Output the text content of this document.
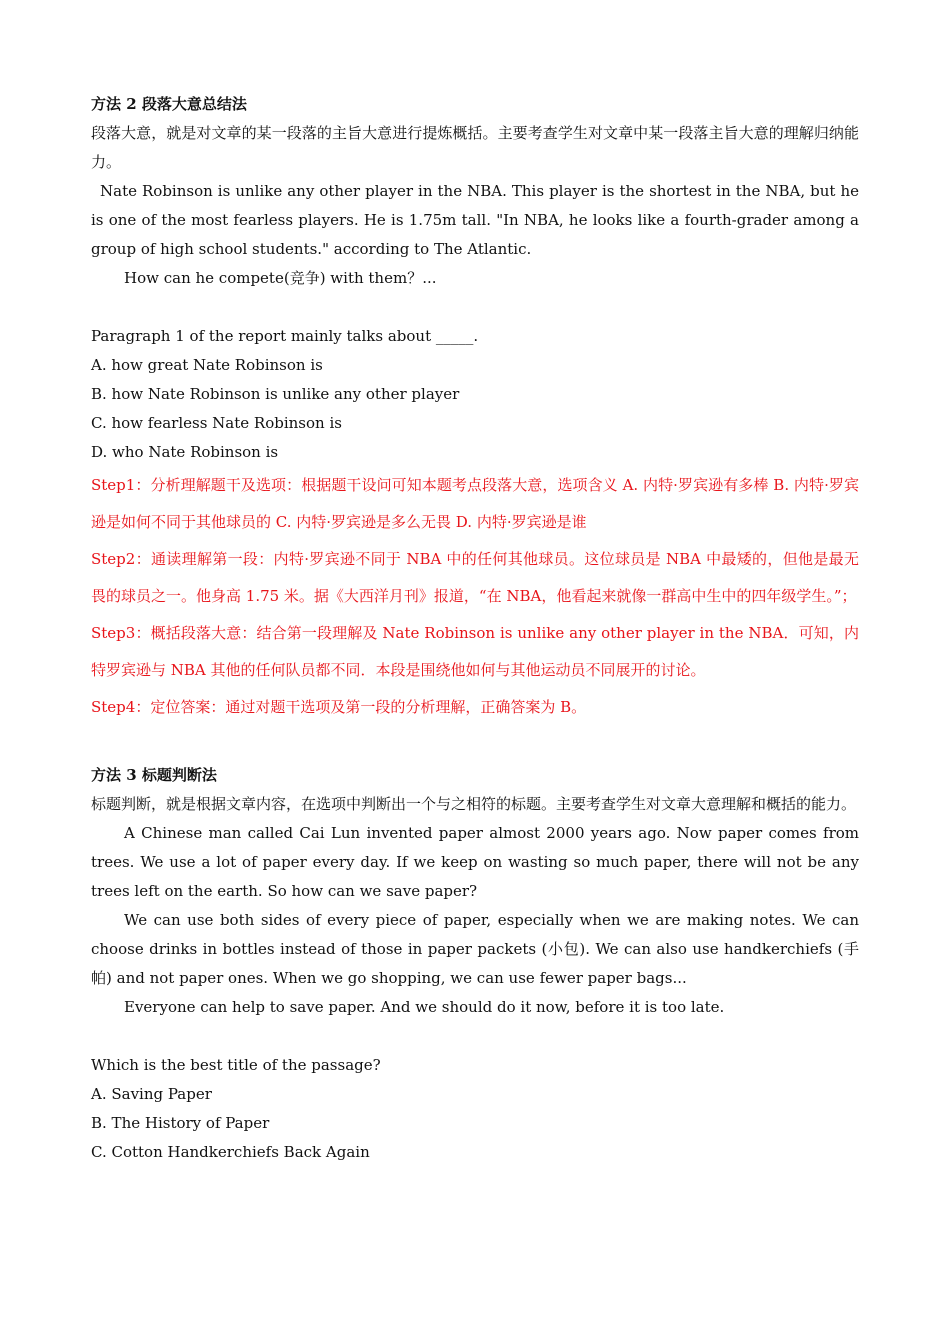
方法 2 段落大意总结法
段落大意，就是对文章的某一段落的主旨大意进行提炼概括。主要考查学生对文章中某一段落主旨大意的理解归纳能力。
Nate Robinson is unlike any other player in the NBA. This player is the shortest in the NBA, but he is one of the most fearless players. He is 1.75m tall. "In NBA, he looks like a fourth-grader among a group of high school students." according to The Atlantic.
How can he compete(竞争) with them？...
Paragraph 1 of the report mainly talks about _____.
A. how great Nate Robinson is
B. how Nate Robinson is unlike any other player
C. how fearless Nate Robinson is
D. who Nate Robinson is
Step1：分析理解题干及选项：根据题干设问可知本题考点段落大意，选项含义 A. 内特·罗宾逊有多棒 B. 内特·罗宾逊是如何不同于其他球员的 C. 内特·罗宾逊是多么无畏 D. 内特·罗宾逊是谁
Step2：通读理解第一段：内特·罗宾逊不同于 NBA 中的任何其他球员。这位球员是 NBA 中最矮的，但他是最无畏的球员之一。他身高 1.75 米。据《大西洋月刊》报道，“在 NBA，他看起来就像一群高中生中的四年级学生。”；
Step3：概括段落大意：结合第一段理解及 Nate Robinson is unlike any other player in the NBA．可知，内特罗宾逊与 NBA 其他的任何队员都不同．本段是围绕他如何与其他运动员不同展开的讨论。
Step4：定位答案：通过对题干选项及第一段的分析理解，正确答案为 B。
方法 3 标题判断法
标题判断，就是根据文章内容，在选项中判断出一个与之相符的标题。主要考查学生对文章大意理解和概括的能力。
A Chinese man called Cai Lun invented paper almost 2000 years ago. Now paper comes from trees. We use a lot of paper every day. If we keep on wasting so much paper, there will not be any trees left on the earth. So how can we save paper?
We can use both sides of every piece of paper, especially when we are making notes. We can choose drinks in bottles instead of those in paper packets (小包). We can also use handkerchiefs (手帕) and not paper ones. When we go shopping, we can use fewer paper bags...
Everyone can help to save paper. And we should do it now, before it is too late.
Which is the best title of the passage?
A. Saving Paper
B. The History of Paper
C. Cotton Handkerchiefs Back Again
